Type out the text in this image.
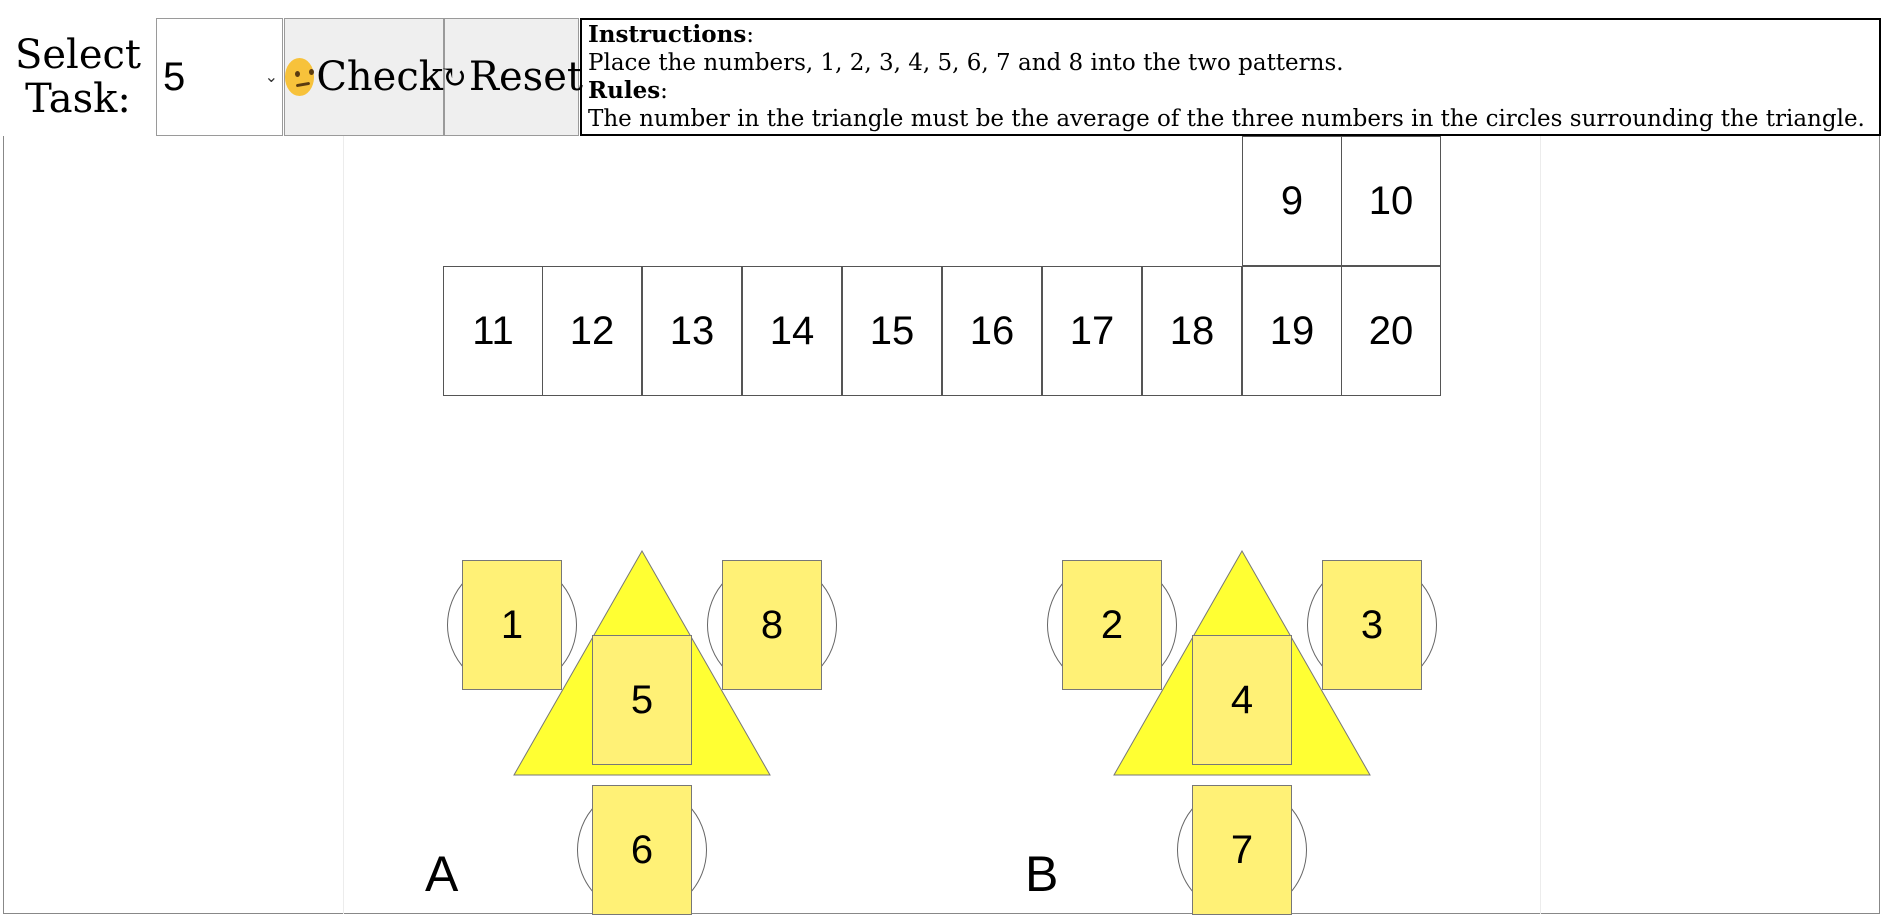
Select Task: 5	⌄ Check
↻ Reset
Instructions:
Place the numbers, 1, 2, 3, 4, 5, 6, 7 and 8 into the two patterns.
Rules:
The number in the triangle must be the average of the three numbers in the circles surrounding the triangle.
9	10
11	12	13	14	15	16	17	18	19	20
1	8
5
6
A
2	3
4
7
B
